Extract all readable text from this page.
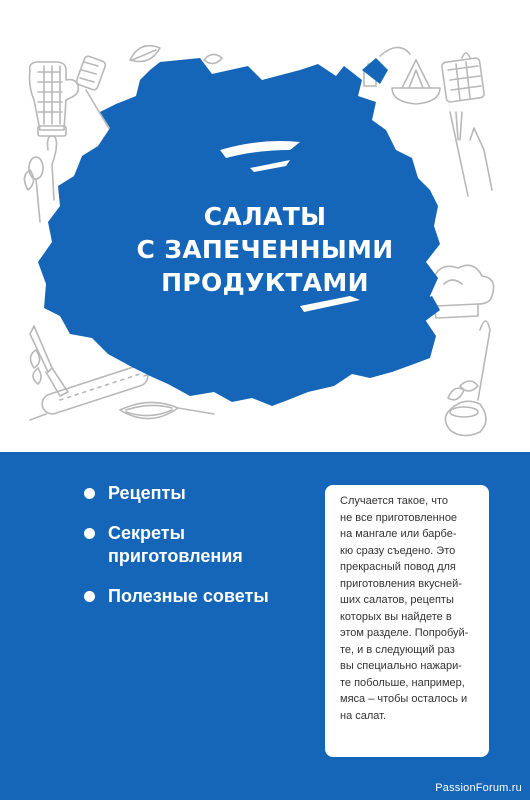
САЛАТЫ
С ЗАПЕЧЕННЫМИ
ПРОДУКТАМИ
Рецепты
Секреты приготовления
Полезные советы
Случается такое, что
не все приготовленное
на мангале или барбе-
кю сразу съедено. Это
прекрасный повод для
приготовления вкусней-
ших салатов, рецепты
которых вы найдете в
этом разделе. Попробуй-
те, и в следующий раз
вы специально нажари-
те побольше, например,
мяса – чтобы осталось и
на салат.
PassionForum.ru
